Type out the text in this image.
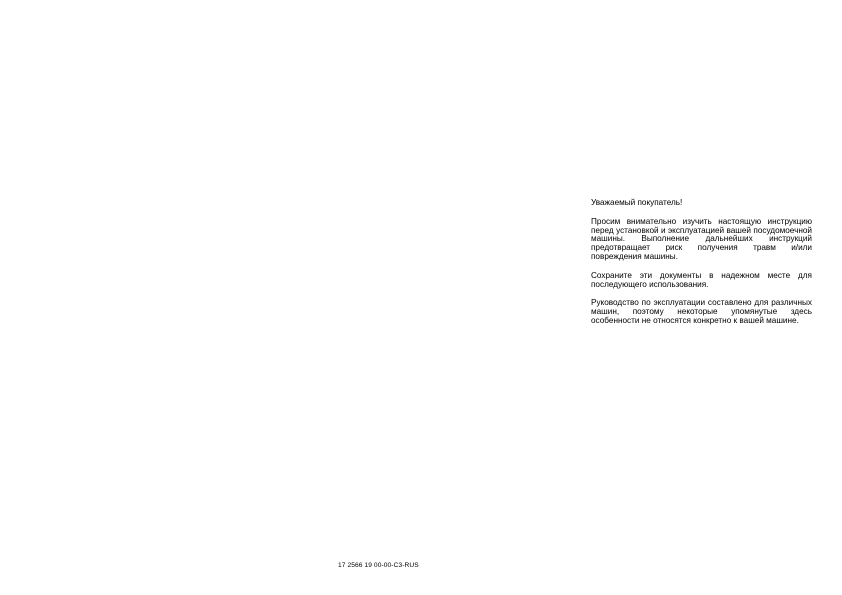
Уважаемый покупатель!

Просим внимательно изучить настоящую инструкцию перед установкой и эксплуатацией вашей посудомоечной машины. Выполнение дальнейших инструкций предотвращает риск получения травм и/или повреждения машины.

Сохраните эти документы в надежном месте для последующего использования.

Руководство по эксплуатации составлено для различных машин, поэтому некоторые упомянутые здесь особенности не относятся конкретно к вашей машине.

17 2566 19 00-00-C3-RUS
